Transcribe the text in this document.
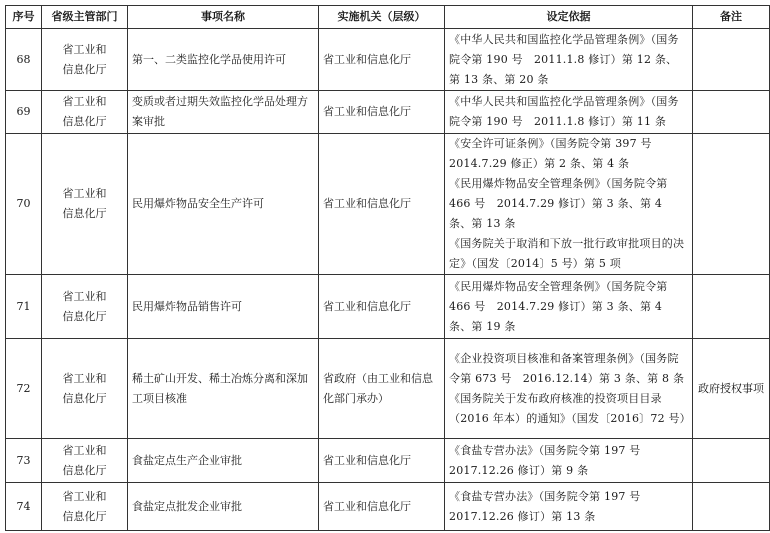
序号	省级主管部门	事项名称	实施机关（层级）	设定依据	备注
68	省工业和
信息化厅	第一、二类监控化学品使用许可	省工业和信息化厅	《中华人民共和国监控化学品管理条例》（国务院令第 190 号　2011.1.8 修订）第 12 条、第 13 条、第 20 条	

69	省工业和
信息化厅	变质或者过期失效监控化学品处理方案审批	省工业和信息化厅	《中华人民共和国监控化学品管理条例》（国务院令第 190 号　2011.1.8 修订）第 11 条	

70	省工业和
信息化厅	民用爆炸物品安全生产许可	省工业和信息化厅	《安全许可证条例》（国务院令第 397 号 2014.7.29 修正）第 2 条、第 4 条
《民用爆炸物品安全管理条例》（国务院令第 466 号　2014.7.29 修订）第 3 条、第 4 条、第 13 条
《国务院关于取消和下放一批行政审批项目的决定》（国发〔2014〕5 号）第 5 项	

71	省工业和
信息化厅	民用爆炸物品销售许可	省工业和信息化厅	《民用爆炸物品安全管理条例》（国务院令第 466 号　2014.7.29 修订）第 3 条、第 4 条、第 19 条	

72	省工业和
信息化厅	稀土矿山开发、稀土冶炼分离和深加工项目核准	省政府（由工业和信息化部门承办）	《企业投资项目核准和备案管理条例》（国务院令第 673 号　2016.12.14）第 3 条、第 8 条
《国务院关于发布政府核准的投资项目目录（2016 年本）的通知》（国发〔2016〕72 号）	政府授权事项
73	省工业和
信息化厅	食盐定点生产企业审批	省工业和信息化厅	《食盐专营办法》（国务院令第 197 号 2017.12.26 修订）第 9 条	

74	省工业和
信息化厅	食盐定点批发企业审批	省工业和信息化厅	《食盐专营办法》（国务院令第 197 号 2017.12.26 修订）第 13 条	
